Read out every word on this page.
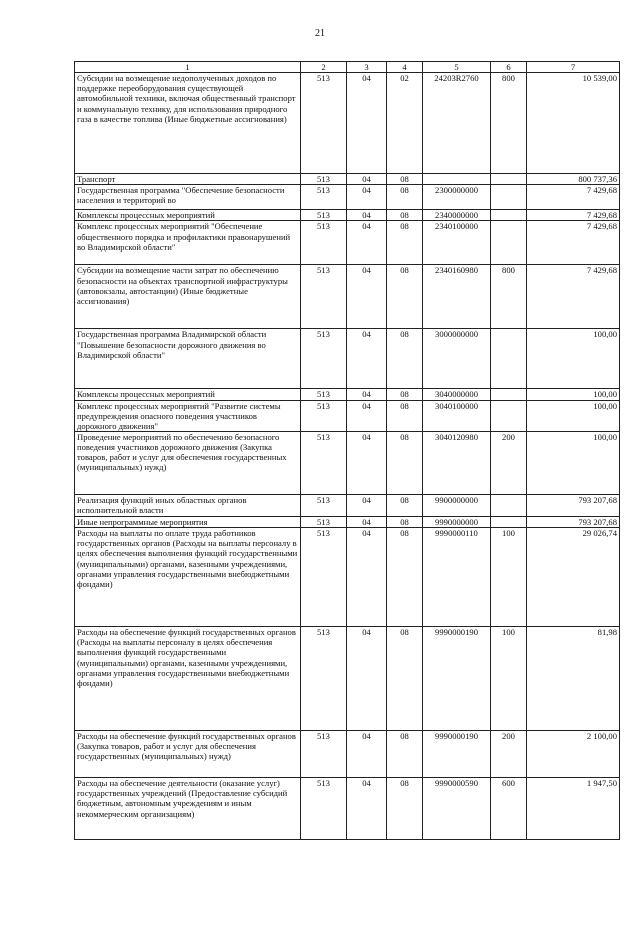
21
1	2	3	4	5	6	7
Субсидии на возмещение недополученных доходов по поддержке переоборудования существующей автомобильной техники, включая общественный транспорт и коммунальную технику, для использования природного газа в качестве топлива (Иные бюджетные ассигнования)	513	04	02	24203R2760	800	10 539,00
Транспорт	513	04	08			800 737,36
Государственная программа "Обеспечение безопасности населения и территорий во	513	04	08	2300000000		7 429,68
Комплексы процессных мероприятий	513	04	08	2340000000		7 429,68
Комплекс процессных мероприятий "Обеспечение общественного порядка и профилактики правонарушений во Владимирской области"	513	04	08	2340100000		7 429,68
Субсидии на возмещение части затрат по обеспечению безопасности на объектах транспортной инфраструктуры (автовокзалы, автостанции) (Иные бюджетные ассигнования)	513	04	08	2340160980	800	7 429,68
Государственная программа Владимирской области "Повышение безопасности дорожного движения во Владимирской области"	513	04	08	3000000000		100,00
Комплексы процессных мероприятий	513	04	08	3040000000		100,00
Комплекс процессных мероприятий "Развитие системы предупреждения опасного поведения участников дорожного движения"	513	04	08	3040100000		100,00
Проведение мероприятий по обеспечению безопасного поведения участников дорожного движения (Закупка товаров, работ и услуг для обеспечения государственных (муниципальных) нужд)	513	04	08	3040120980	200	100,00
Реализация функций иных областных органов исполнительной власти	513	04	08	9900000000		793 207,68
Иные непрограммные мероприятия	513	04	08	9990000000		793 207,68
Расходы на выплаты по оплате труда работников государственных органов (Расходы на выплаты персоналу в целях обеспечения выполнения функций государственными (муниципальными) органами, казенными учреждениями, органами управления государственными внебюджетными фондами)	513	04	08	9990000110	100	29 026,74
Расходы на обеспечение функций государственных органов (Расходы на выплаты персоналу в целях обеспечения выполнения функций государственными (муниципальными) органами, казенными учреждениями, органами управления государственными внебюджетными фондами)	513	04	08	9990000190	100	81,98
Расходы на обеспечение функций государственных органов (Закупка товаров, работ и услуг для обеспечения государственных (муниципальных) нужд)	513	04	08	9990000190	200	2 100,00
Расходы на обеспечение деятельности (оказание услуг) государственных учреждений (Предоставление субсидий бюджетным, автономным учреждениям и иным некоммерческим организациям)	513	04	08	9990000590	600	1 947,50
